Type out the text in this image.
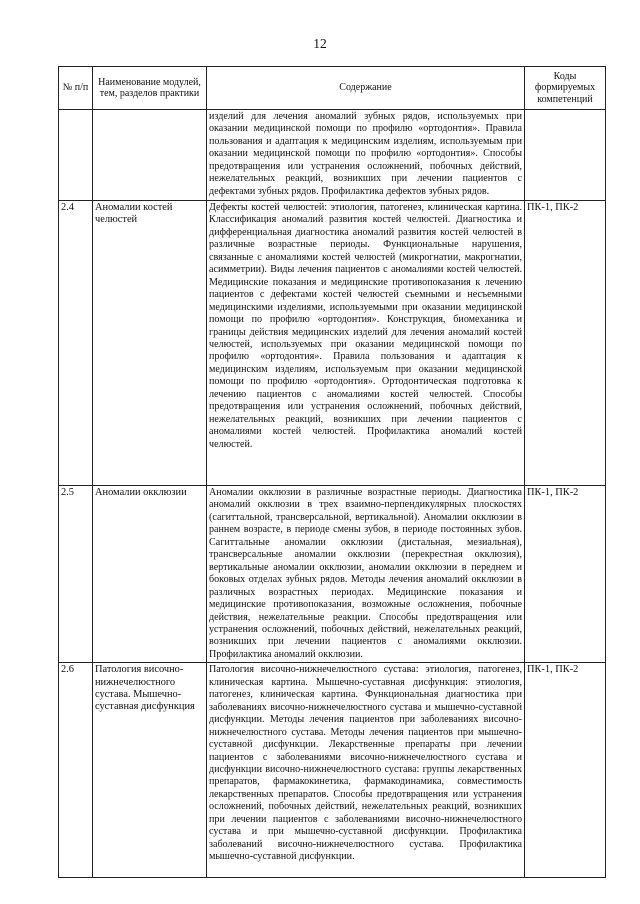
12
№ п/п	Наименование модулей, тем, разделов практики	Содержание	Коды формируемых компетенций
		изделий для лечения аномалий зубных рядов, используемых при оказании медицинской помощи по профилю «ортодонтия». Правила пользования и адаптация к медицинским изделиям, используемым при оказании медицинской помощи по профилю «ортодонтия». Способы предотвращения или устранения осложнений, побочных действий, нежелательных реакций, возникших при лечении пациентов с дефектами зубных рядов. Профилактика дефектов зубных рядов.	
2.4	Аномалии костей челюстей	Дефекты костей челюстей: этиология, патогенез, клиническая картина. Классификация аномалий развития костей челюстей. Диагностика и дифференциальная диагностика аномалий развития костей челюстей в различные возрастные периоды. Функциональные нарушения, связанные с аномалиями костей челюстей (микрогнатии, макрогнатии, асимметрии). Виды лечения пациентов с аномалиями костей челюстей. Медицинские показания и медицинские противопоказания к лечению пациентов с дефектами костей челюстей съемными и несъемными медицинскими изделиями, используемыми при оказании медицинской помощи по профилю «ортодонтия». Конструкция, биомеханика и границы действия медицинских изделий для лечения аномалий костей челюстей, используемых при оказании медицинской помощи по профилю «ортодонтия». Правила пользования и адаптация к медицинским изделиям, используемым при оказании медицинской помощи по профилю «ортодонтия». Ортодонтическая подготовка к лечению пациентов с аномалиями костей челюстей. Способы предотвращения или устранения осложнений, побочных действий, нежелательных реакций, возникших при лечении пациентов с аномалиями костей челюстей. Профилактика аномалий костей челюстей.	ПК-1, ПК-2
2.5	Аномалии окклюзии	Аномалии окклюзии в различные возрастные периоды. Диагностика аномалий окклюзии в трех взаимно-перпендикулярных плоскостях (сагиттальной, трансверсальной, вертикальной). Аномалии окклюзии в раннем возрасте, в периоде смены зубов, в периоде постоянных зубов. Сагиттальные аномалии окклюзии (дистальная, мезиальная), трансверсальные аномалии окклюзии (перекрестная окклюзия), вертикальные аномалии окклюзии, аномалии окклюзии в переднем и боковых отделах зубных рядов. Методы лечения аномалий окклюзии в различных возрастных периодах. Медицинские показания и медицинские противопоказания, возможные осложнения, побочные действия, нежелательные реакции. Способы предотвращения или устранения осложнений, побочных действий, нежелательных реакций, возникших при лечении пациентов с аномалиями окклюзии. Профилактика аномалий окклюзии.	ПК-1, ПК-2
2.6	Патология височно-нижнечелюстного сустава. Мышечно-суставная дисфункция	Патология височно-нижнечелюстного сустава: этиология, патогенез, клиническая картина. Мышечно-суставная дисфункция: этиология, патогенез, клиническая картина. Функциональная диагностика при заболеваниях височно-нижнечелюстного сустава и мышечно-суставной дисфункции. Методы лечения пациентов при заболеваниях височно-нижнечелюстного сустава. Методы лечения пациентов при мышечно-суставной дисфункции. Лекарственные препараты при лечении пациентов с заболеваниями височно-нижнечелюстного сустава и дисфункции височно-нижнечелюстного сустава: группы лекарственных препаратов, фармакокинетика, фармакодинамика, совместимость лекарственных препаратов. Способы предотвращения или устранения осложнений, побочных действий, нежелательных реакций, возникших при лечении пациентов с заболеваниями височно-нижнечелюстного сустава и при мышечно-суставной дисфункции. Профилактика заболеваний височно-нижнечелюстного сустава. Профилактика мышечно-суставной дисфункции.	ПК-1, ПК-2
